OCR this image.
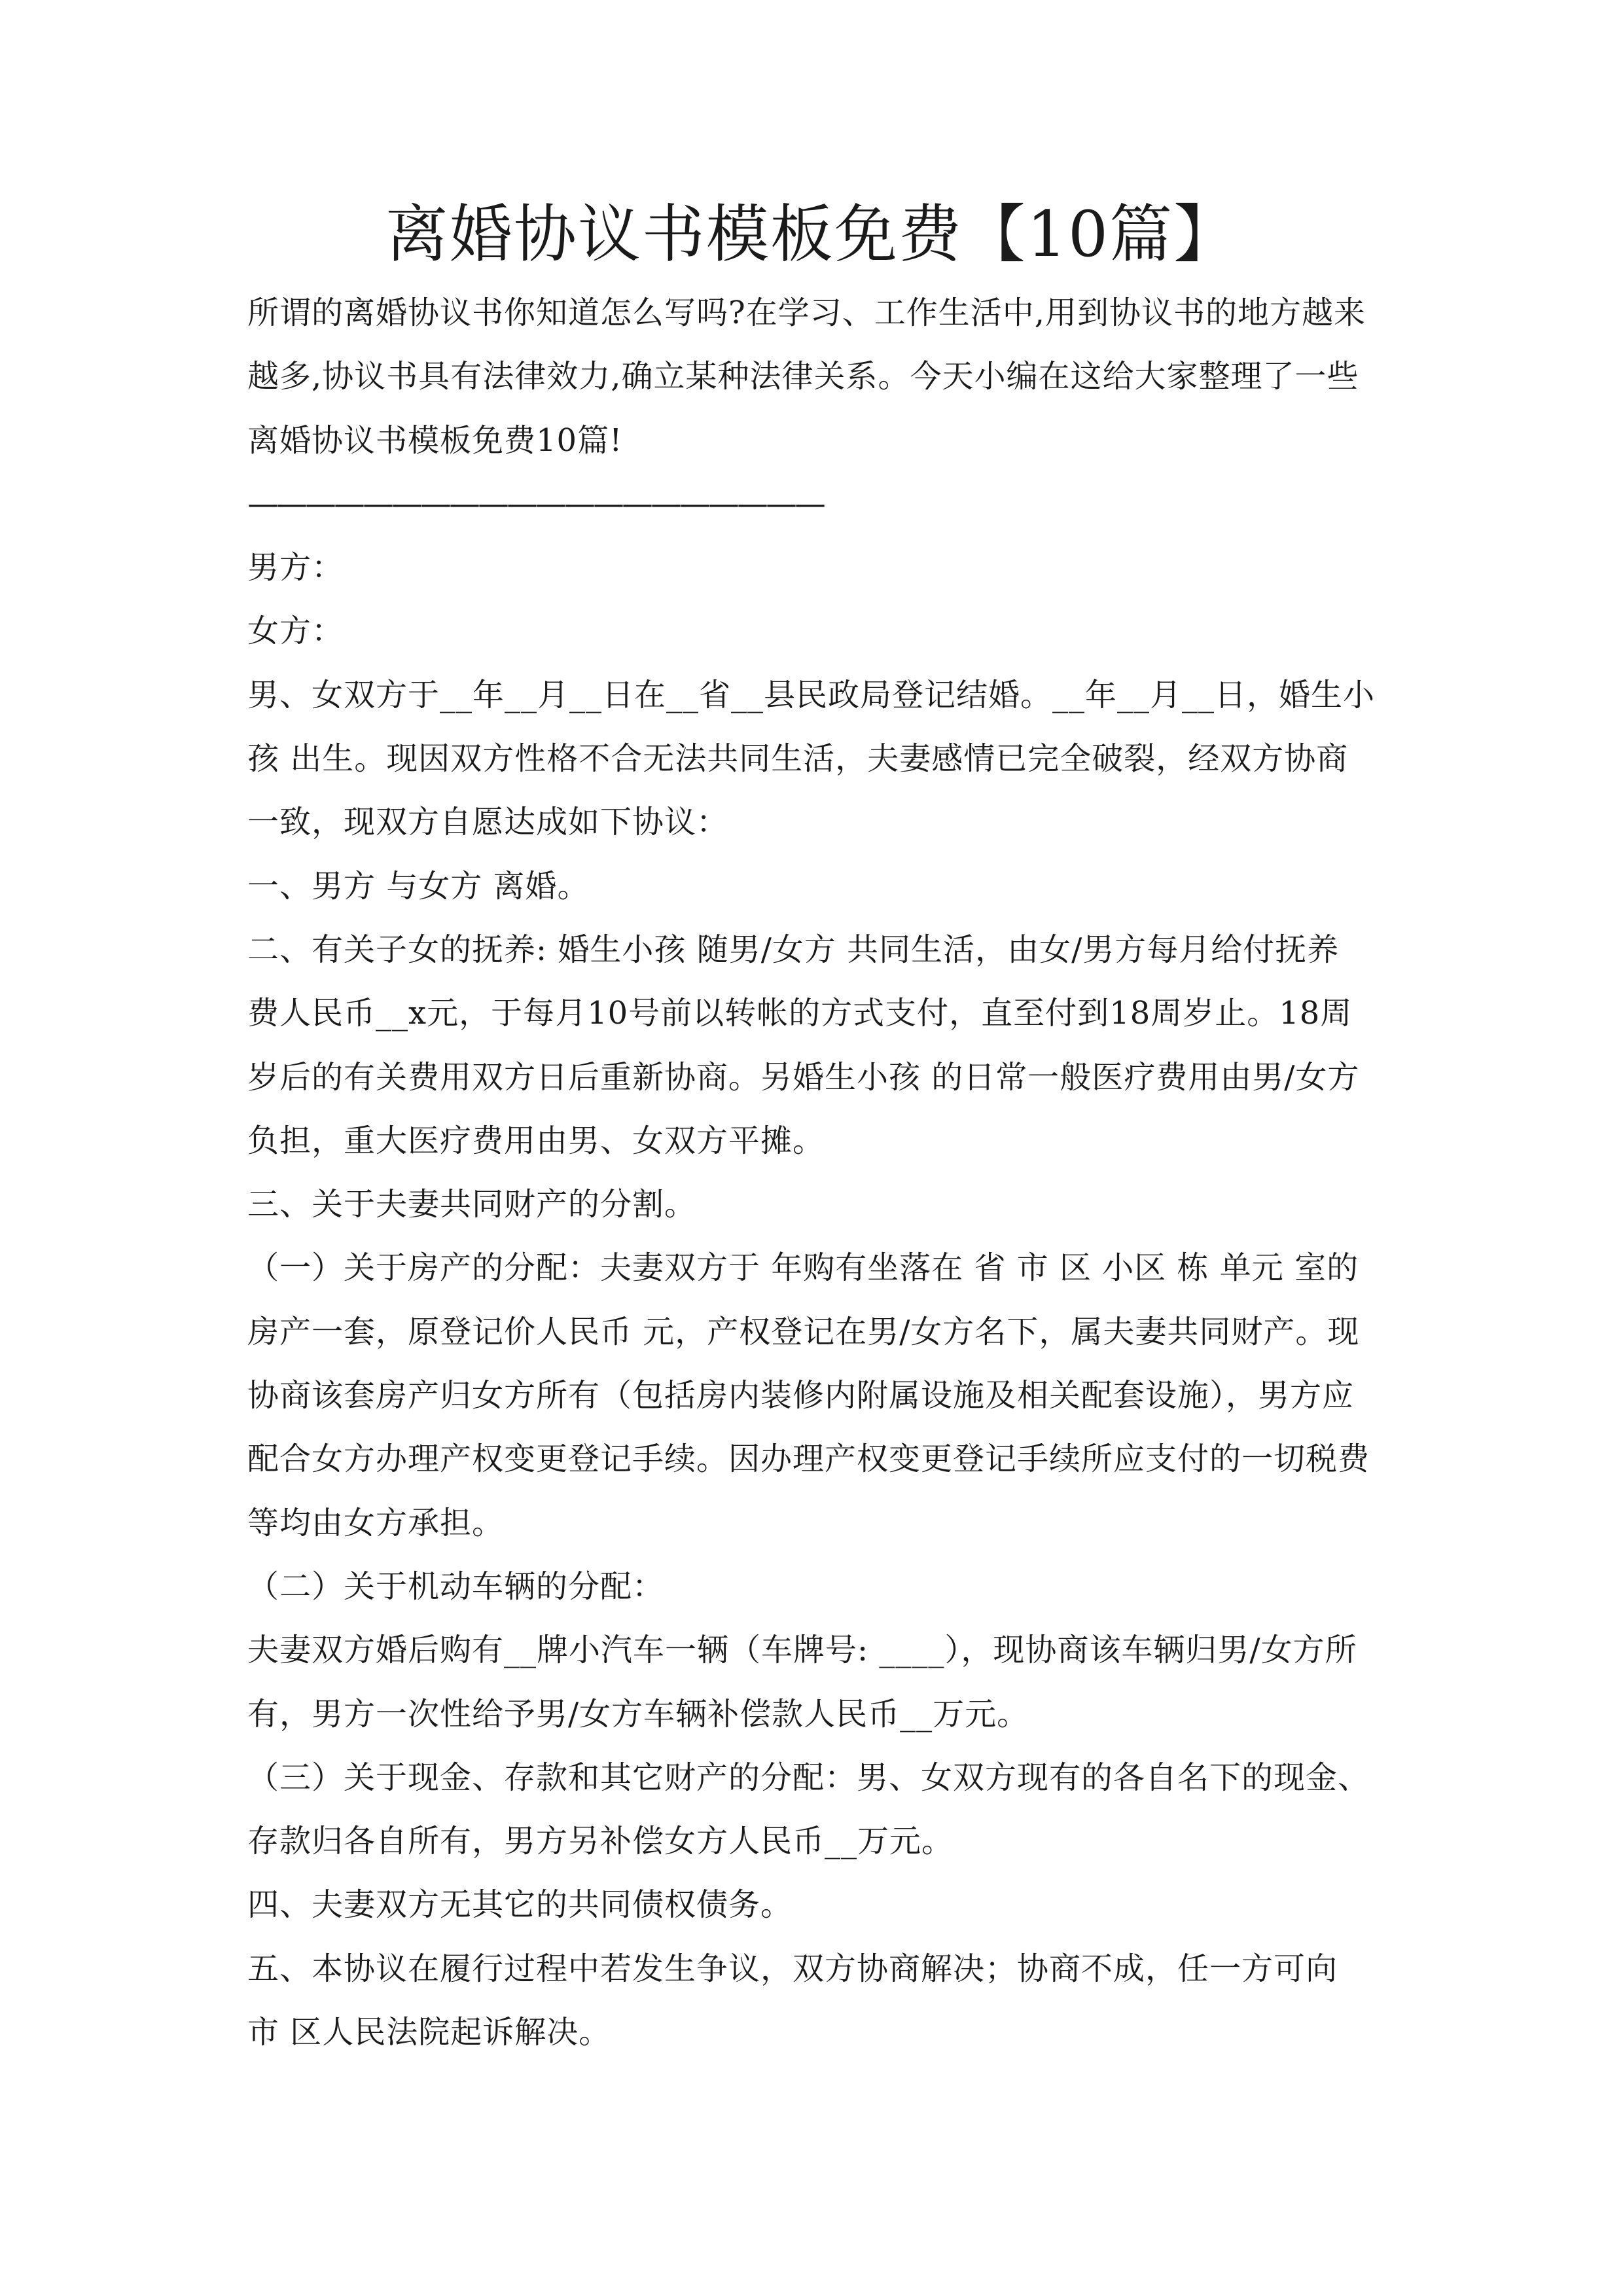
离婚协议书模板免费【10篇】
所谓的离婚协议书你知道怎么写吗?在学习、工作生活中,用到协议书的地方越来
越多,协议书具有法律效力,确立某种法律关系。今天小编在这给大家整理了一些
离婚协议书模板免费10篇!
————————————————————
男方：
女方：
男、女双方于__年__月__日在__省__县民政局登记结婚。__年__月__日，婚生小
孩 出生。现因双方性格不合无法共同生活，夫妻感情已完全破裂，经双方协商
一致，现双方自愿达成如下协议：
一、男方 与女方 离婚。
二、有关子女的抚养: 婚生小孩 随男/女方 共同生活，由女/男方每月给付抚养
费人民币__x元，于每月10号前以转帐的方式支付，直至付到18周岁止。18周
岁后的有关费用双方日后重新协商。另婚生小孩 的日常一般医疗费用由男/女方
负担，重大医疗费用由男、女双方平摊。
三、关于夫妻共同财产的分割。
（一）关于房产的分配：夫妻双方于 年购有坐落在 省 市 区 小区 栋 单元 室的
房产一套，原登记价人民币 元，产权登记在男/女方名下，属夫妻共同财产。现
协商该套房产归女方所有（包括房内装修内附属设施及相关配套设施），男方应
配合女方办理产权变更登记手续。因办理产权变更登记手续所应支付的一切税费
等均由女方承担。
（二）关于机动车辆的分配：
夫妻双方婚后购有__牌小汽车一辆（车牌号: ____），现协商该车辆归男/女方所
有，男方一次性给予男/女方车辆补偿款人民币__万元。
（三）关于现金、存款和其它财产的分配：男、女双方现有的各自名下的现金、
存款归各自所有，男方另补偿女方人民币__万元。
四、夫妻双方无其它的共同债权债务。
五、本协议在履行过程中若发生争议，双方协商解决；协商不成，任一方可向
市 区人民法院起诉解决。
